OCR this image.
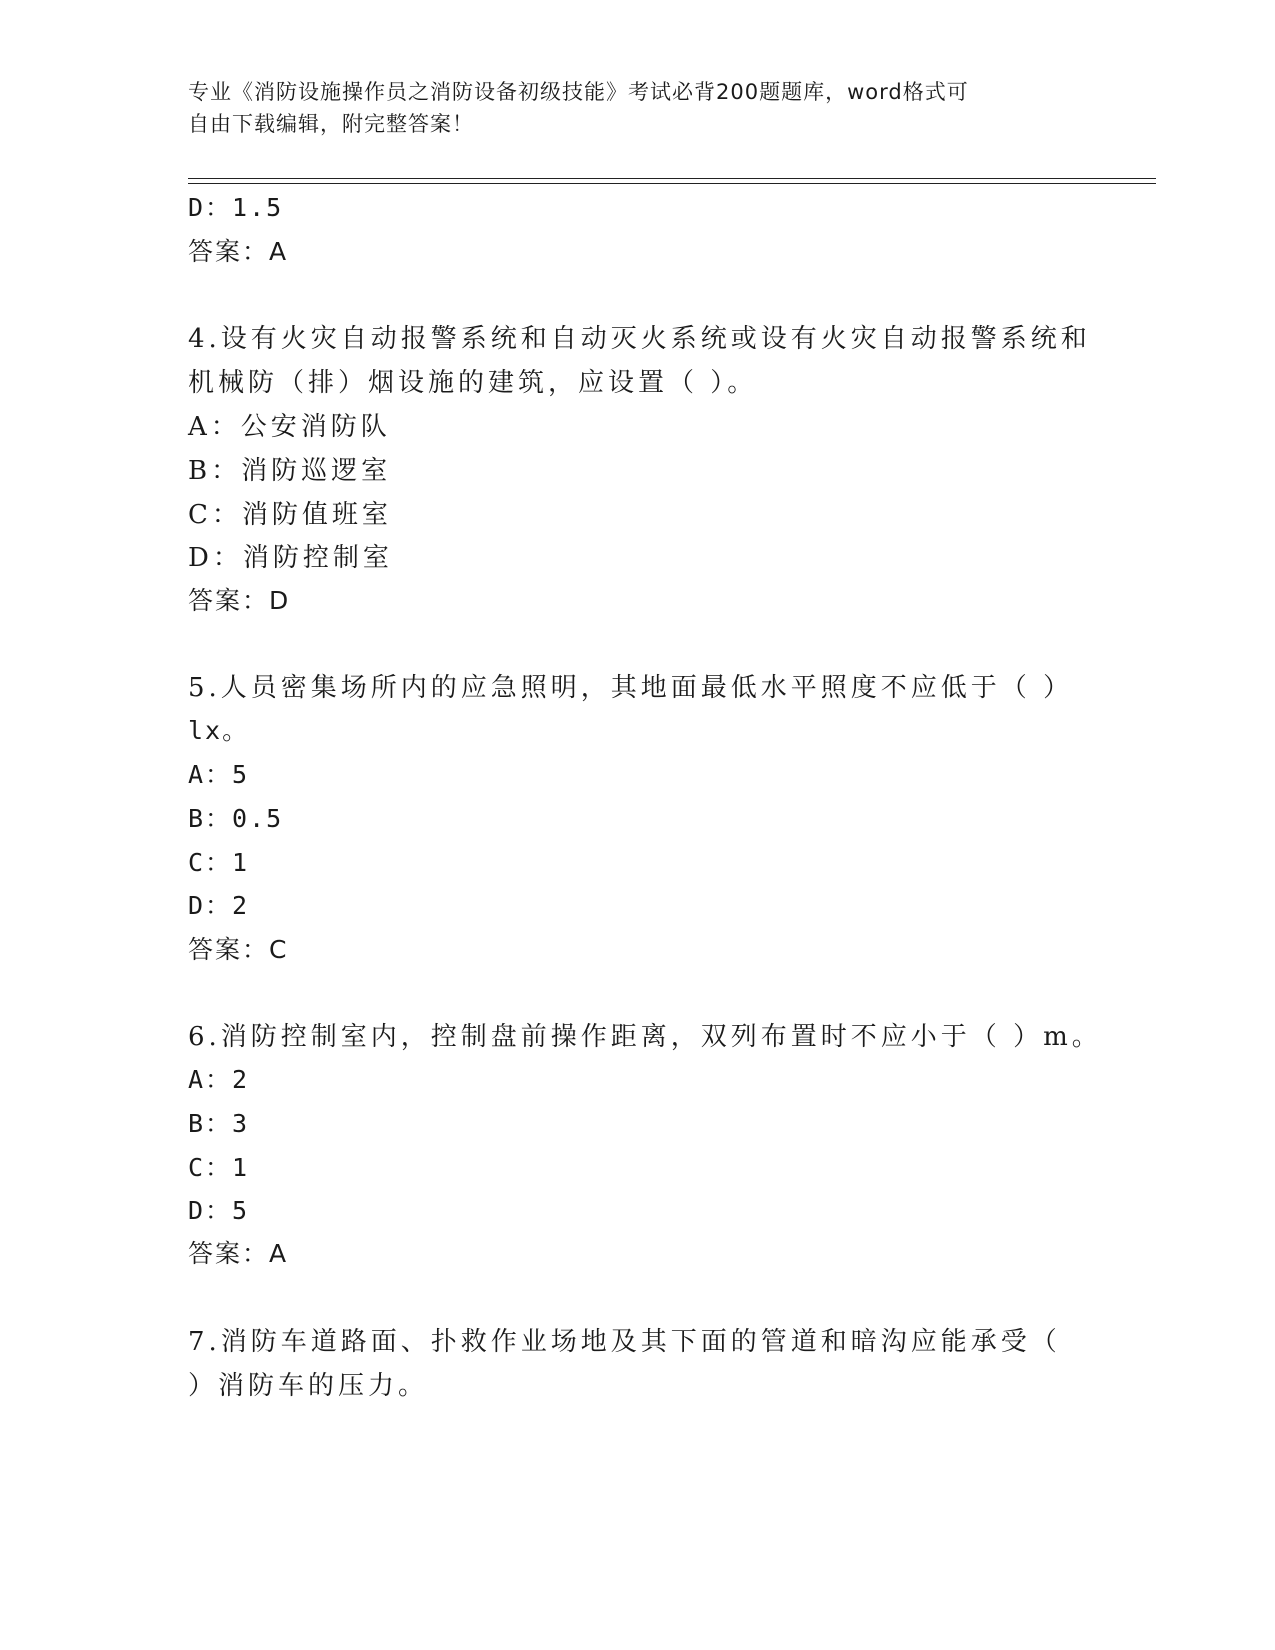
专业《消防设施操作员之消防设备初级技能》考试必背200题题库，word格式可
自由下载编辑，附完整答案！
D：1.5
答案：A
4.设有火灾自动报警系统和自动灭火系统或设有火灾自动报警系统和
机械防（排）烟设施的建筑，应设置（ ）。
A：公安消防队
B：消防巡逻室
C：消防值班室
D：消防控制室
答案：D
5.人员密集场所内的应急照明，其地面最低水平照度不应低于（ ）
lx。
A：5
B：0.5
C：1
D：2
答案：C
6.消防控制室内，控制盘前操作距离，双列布置时不应小于（ ）m。
A：2
B：3
C：1
D：5
答案：A
7.消防车道路面、扑救作业场地及其下面的管道和暗沟应能承受（
）消防车的压力。
